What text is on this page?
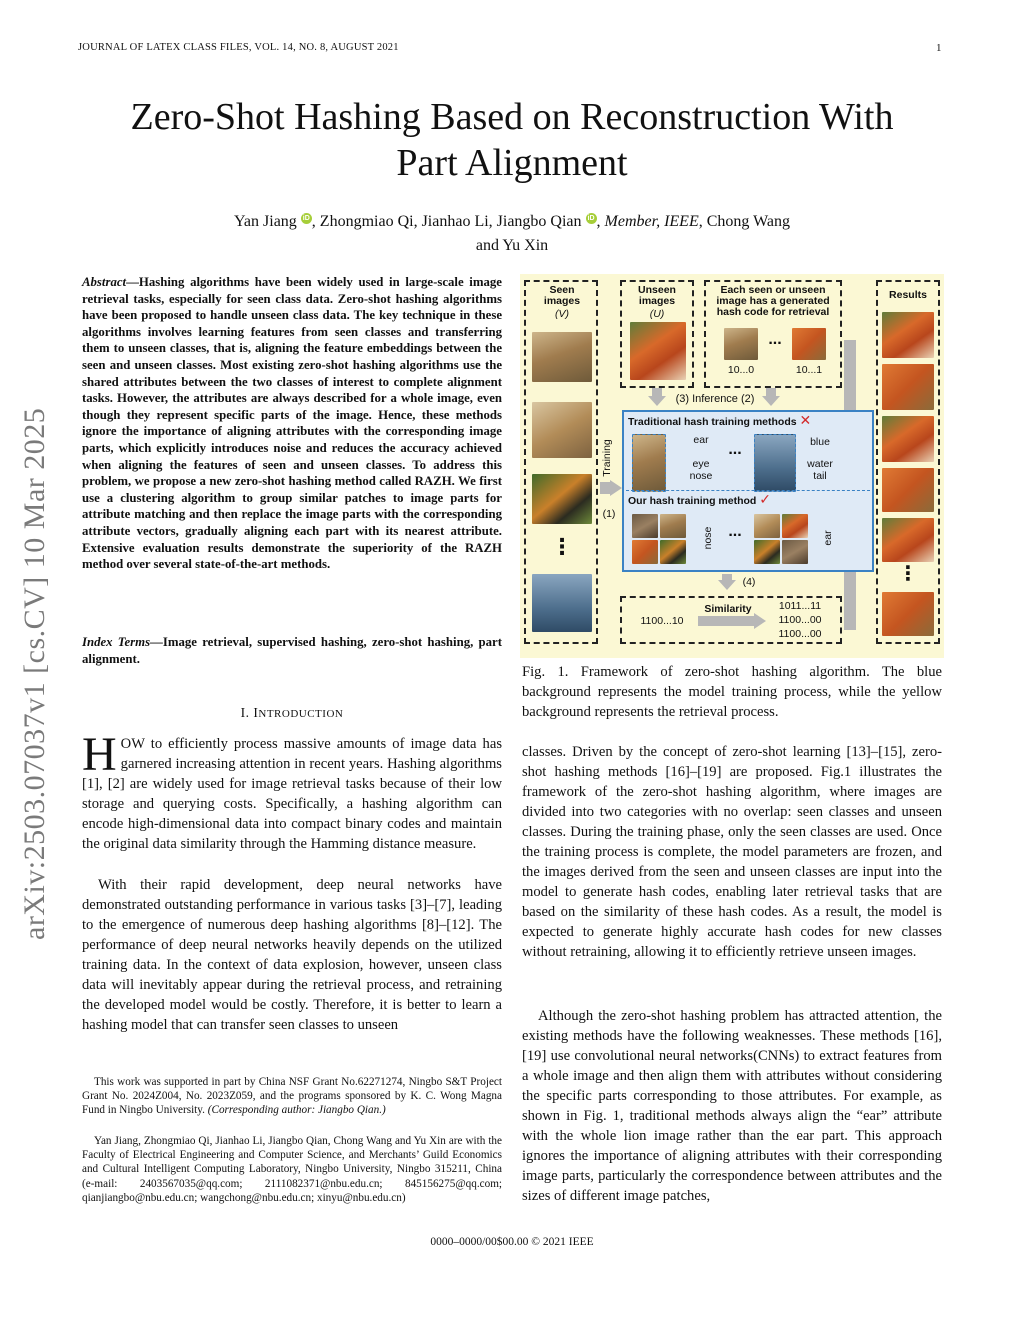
JOURNAL OF LATEX CLASS FILES, VOL. 14, NO. 8, AUGUST 2021	1
Zero-Shot Hashing Based on Reconstruction With
Part Alignment
Yan Jiang iD , Zhongmiao Qi, Jianhao Li, Jiangbo Qian iD , Member, IEEE, Chong Wang
and Yu Xin
arXiv:2503.07037v1 [cs.CV] 10 Mar 2025
Abstract—Hashing algorithms have been widely used in large-scale image retrieval tasks, especially for seen class data. Zero-shot hashing algorithms have been proposed to handle unseen class data. The key technique in these algorithms involves learning features from seen classes and transferring them to unseen classes, that is, aligning the feature embeddings between the seen and unseen classes. Most existing zero-shot hashing algorithms use the shared attributes between the two classes of interest to complete alignment tasks. However, the attributes are always described for a whole image, even though they represent specific parts of the image. Hence, these methods ignore the importance of aligning attributes with the corresponding image parts, which explicitly introduces noise and reduces the accuracy achieved when aligning the features of seen and unseen classes. To address this problem, we propose a new zero-shot hashing method called RAZH. We first use a clustering algorithm to group similar patches to image parts for attribute matching and then replace the image parts with the corresponding attribute vectors, gradually aligning each part with its nearest attribute. Extensive evaluation results demonstrate the superiority of the RAZH method over several state-of-the-art methods.
Index Terms—Image retrieval, supervised hashing, zero-shot hashing, part alignment.
I. INTRODUCTION
HOW to efficiently process massive amounts of image data has garnered increasing attention in recent years. Hashing algorithms [1], [2] are widely used for image retrieval tasks because of their low storage and querying costs. Specifically, a hashing algorithm can encode high-dimensional data into compact binary codes and maintain the original data similarity through the Hamming distance measure.
With their rapid development, deep neural networks have demonstrated outstanding performance in various tasks [3]–[7], leading to the emergence of numerous deep hashing algorithms [8]–[12]. The performance of deep neural networks heavily depends on the utilized training data. In the context of data explosion, however, unseen class data will inevitably appear during the retrieval process, and retraining the developed model would be costly. Therefore, it is better to learn a hashing model that can transfer seen classes to unseen
This work was supported in part by China NSF Grant No.62271274, Ningbo S&T Project Grant No. 2024Z004, No. 2023Z059, and the programs sponsored by K. C. Wong Magna Fund in Ningbo University. (Corresponding author: Jiangbo Qian.)
Yan Jiang, Zhongmiao Qi, Jianhao Li, Jiangbo Qian, Chong Wang and Yu Xin are with the Faculty of Electrical Engineering and Computer Science, and Merchants’ Guild Economics and Cultural Intelligent Computing Laboratory, Ningbo University, Ningbo 315211, China (e-mail: 2403567035@qq.com; 2111082371@nbu.edu.cn; 845156275@qq.com; qianjiangbo@nbu.edu.cn; wangchong@nbu.edu.cn; xinyu@nbu.edu.cn)
Seen images
(V)
⋮
Unseen images
(U)
Each seen or unseen image has a generated hash code for retrieval
...
10...0	10...1
Results
⋮
(3) Inference (2)
Training
(1)
Traditional hash training methods ✕
ear
eye
nose
...	blue
water
tail
Our hash training method ✓
nose ...	ear
(4)
1100...10
Similarity	1011...11
1100...00
1100...00
Fig. 1. Framework of zero-shot hashing algorithm. The blue background represents the model training process, while the yellow background represents the retrieval process.
classes. Driven by the concept of zero-shot learning [13]–[15], zero-shot hashing methods [16]–[19] are proposed. Fig.1 illustrates the framework of the zero-shot hashing algorithm, where images are divided into two categories with no overlap: seen classes and unseen classes. During the training phase, only the seen classes are used. Once the training process is complete, the model parameters are frozen, and the images derived from the seen and unseen classes are input into the model to generate hash codes, enabling later retrieval tasks that are based on the similarity of these hash codes. As a result, the model is expected to generate highly accurate hash codes for new classes without retraining, allowing it to efficiently retrieve unseen images.
Although the zero-shot hashing problem has attracted attention, the existing methods have the following weaknesses. These methods [16], [19] use convolutional neural networks(CNNs) to extract features from a whole image and then align them with attributes without considering the specific parts corresponding to those attributes. For example, as shown in Fig. 1, traditional methods always align the “ear” attribute with the whole lion image rather than the ear part. This approach ignores the importance of aligning attributes with their corresponding image parts, particularly the correspondence between attributes and the sizes of different image patches,
0000–0000/00$00.00 © 2021 IEEE
